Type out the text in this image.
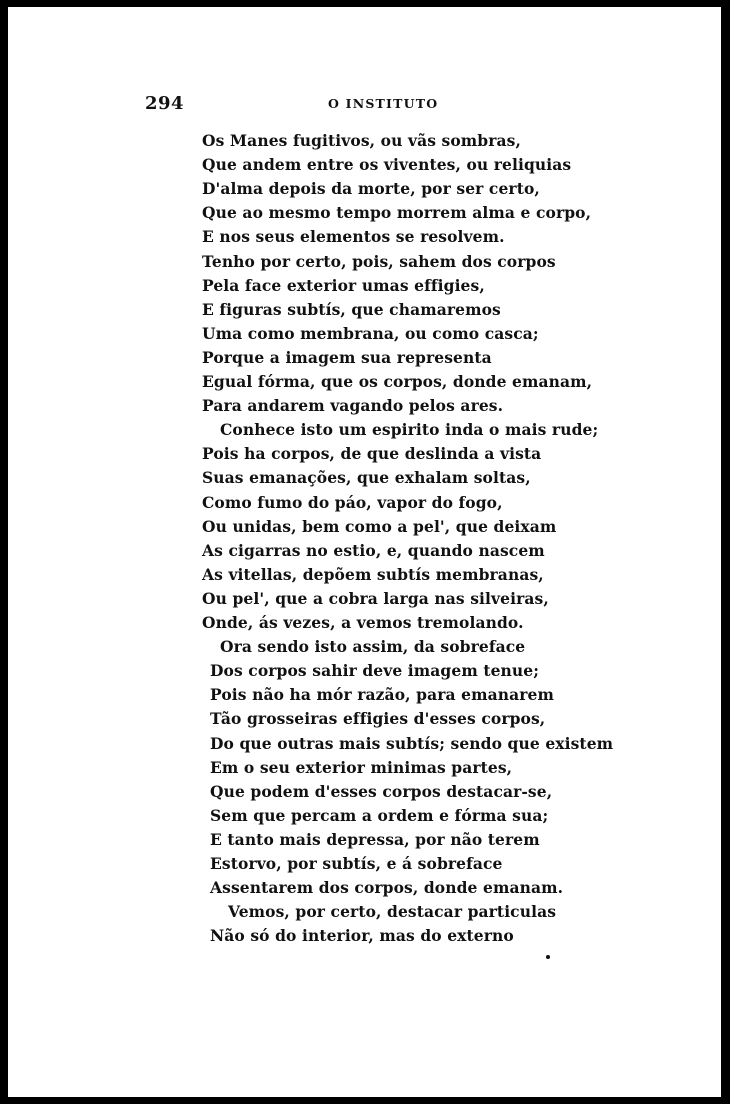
294	O INSTITUTO
Os Manes fugitivos, ou vãs sombras,
Que andem entre os viventes, ou reliquias
D'alma depois da morte, por ser certo,
Que ao mesmo tempo morrem alma e corpo,
E nos seus elementos se resolvem.
Tenho por certo, pois, sahem dos corpos
Pela face exterior umas effigies,
E figuras subtís, que chamaremos
Uma como membrana, ou como casca;
Porque a imagem sua representa
Egual fórma, que os corpos, donde emanam,
Para andarem vagando pelos ares.
Conhece isto um espirito inda o mais rude;
Pois ha corpos, de que deslinda a vista
Suas emanações, que exhalam soltas,
Como fumo do páo, vapor do fogo,
Ou unidas, bem como a pel', que deixam
As cigarras no estio, e, quando nascem
As vitellas, depõem subtís membranas,
Ou pel', que a cobra larga nas silveiras,
Onde, ás vezes, a vemos tremolando.
Ora sendo isto assim, da sobreface
Dos corpos sahir deve imagem tenue;
Pois não ha mór razão, para emanarem
Tão grosseiras effigies d'esses corpos,
Do que outras mais subtís; sendo que existem
Em o seu exterior minimas partes,
Que podem d'esses corpos destacar-se,
Sem que percam a ordem e fórma sua;
E tanto mais depressa, por não terem
Estorvo, por subtís, e á sobreface
Assentarem dos corpos, donde emanam.
Vemos, por certo, destacar particulas
Não só do interior, mas do externo
